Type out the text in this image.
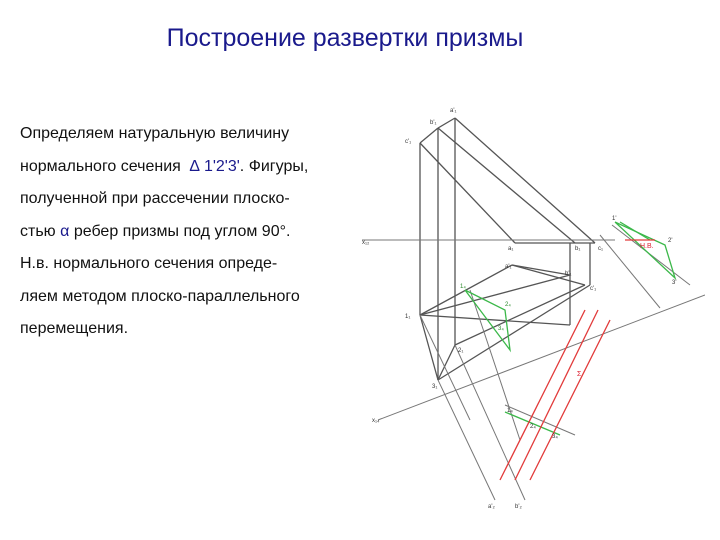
Построение развертки призмы
Определяем натуральную величину
нормального сечения ∆ 1'2'3'. Фигуры,
полученной при рассечении плоско-
стью α ребер призмы под углом 90°.
Н.в. нормального сечения опреде-
ляем методом плоско-параллельного
перемещения.
a'₁
b'₁
c'₁
x₁₂
a₁	b₁	c₁
a'₁
b'₁
c'₁
1₁
2₁
3₁
x₁₄
a'₂	b'₂
1₄
2₄
3₄
1₄
2₄
3₄
Σ
1'
2'
3'
Н.В.
